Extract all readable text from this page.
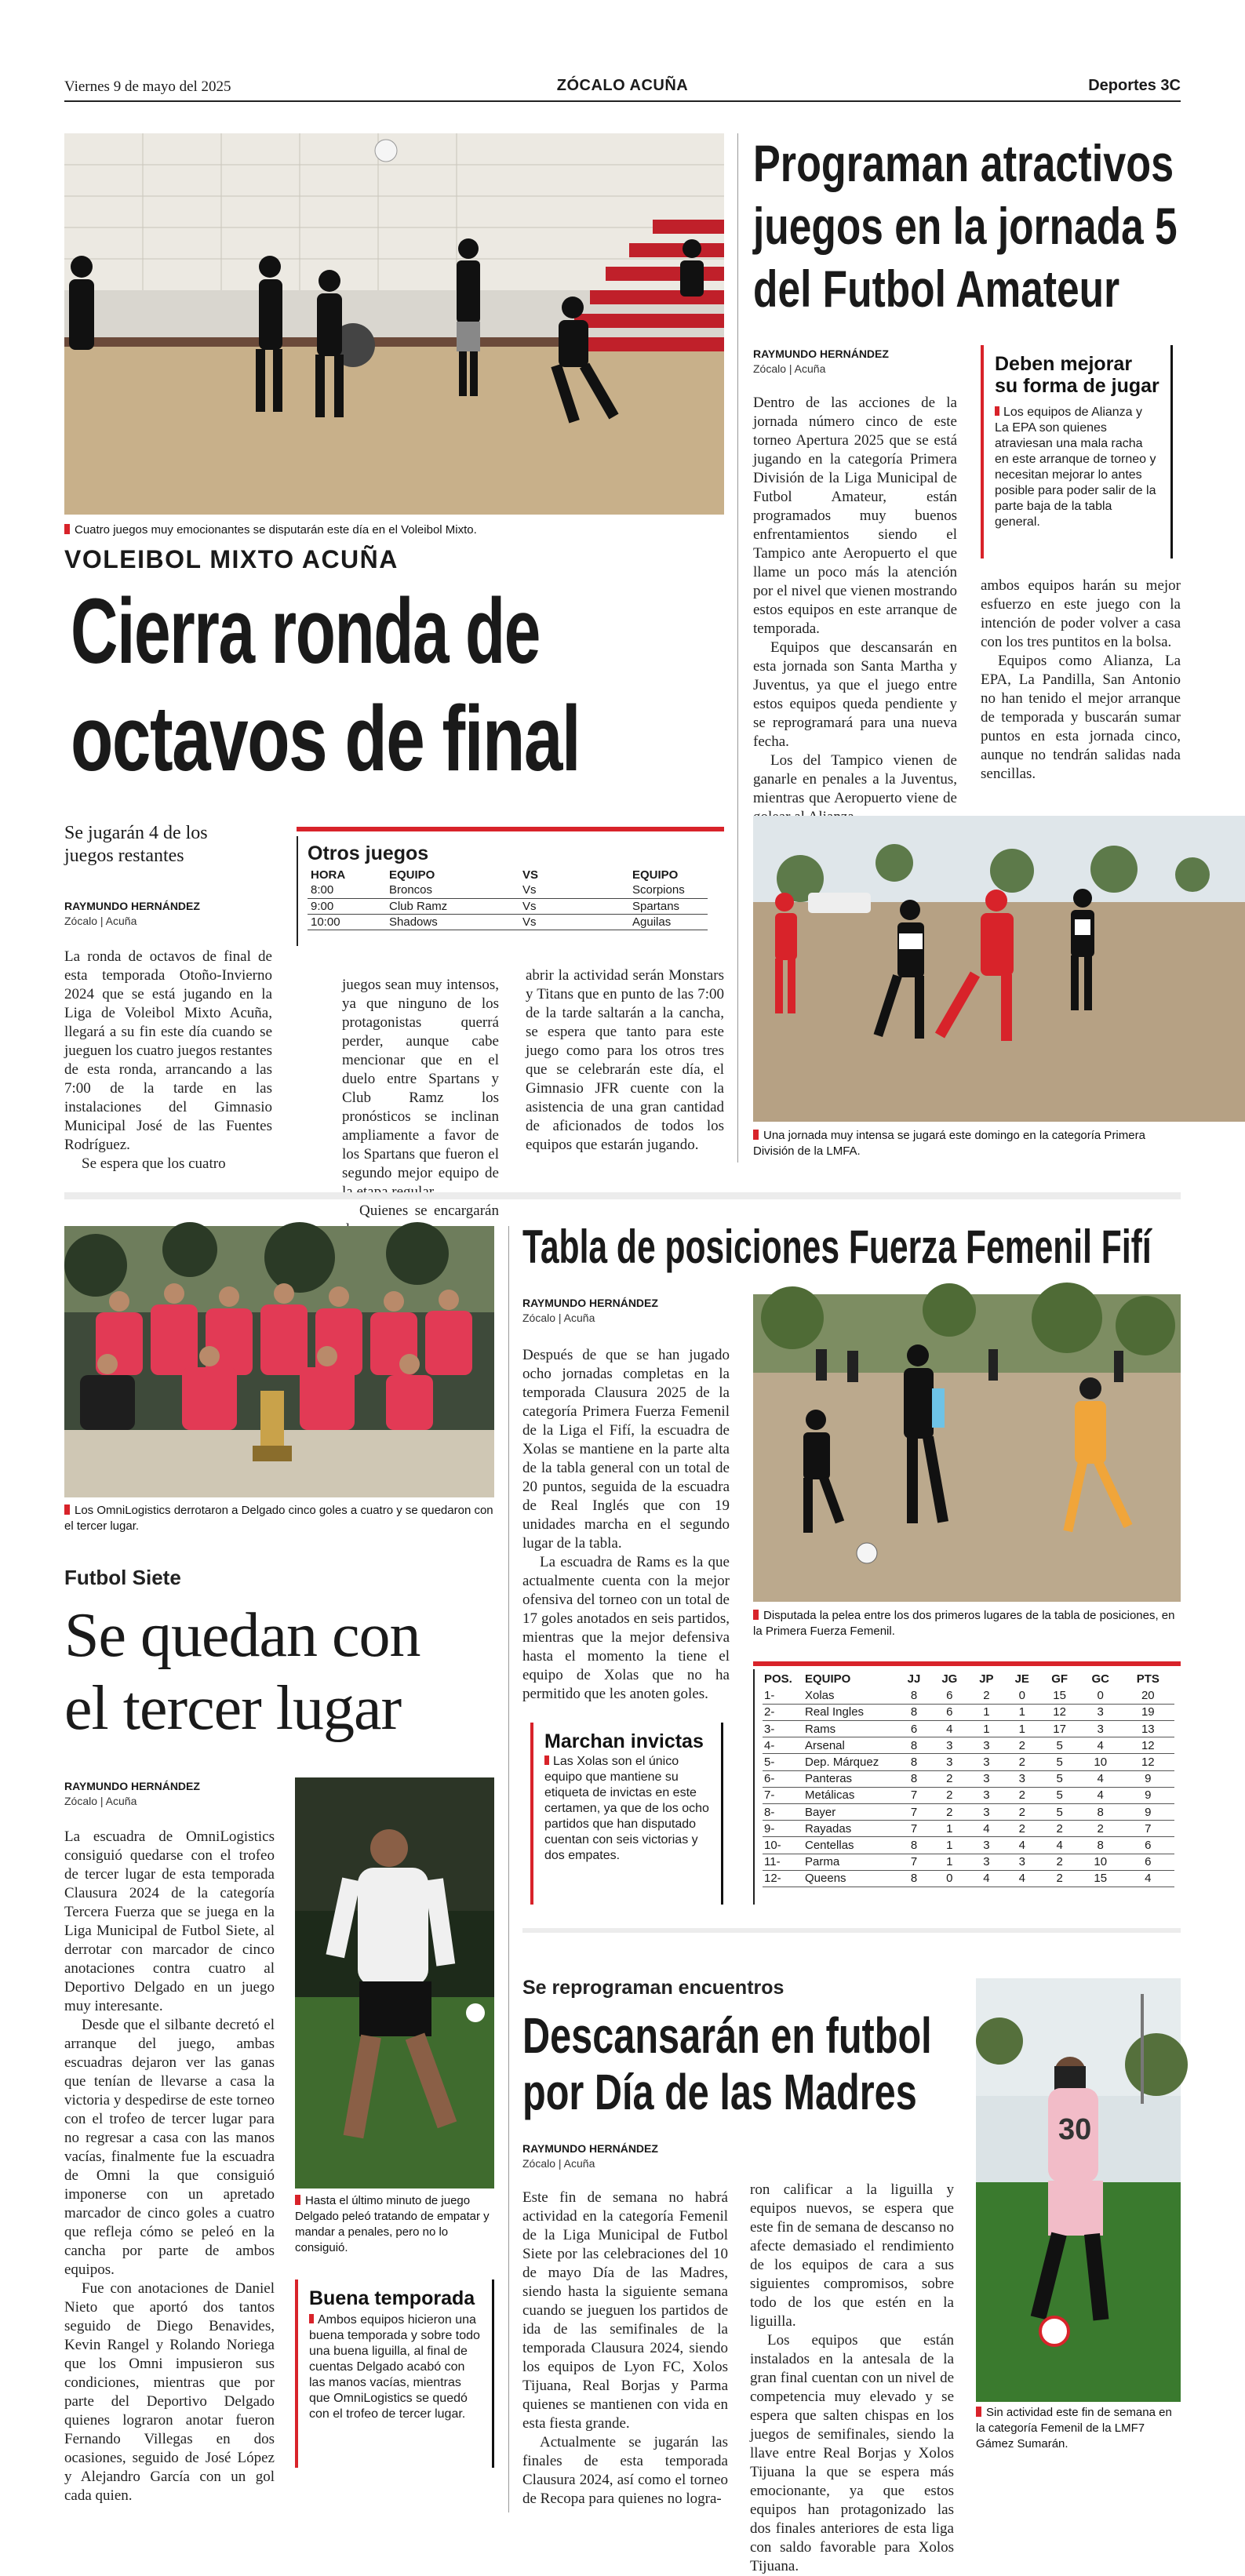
Viernes 9 de mayo del 2025	ZÓCALO ACUÑA	Deportes 3C
Cuatro juegos muy emocionantes se disputarán este día en el Voleibol Mixto.
VOLEIBOL MIXTO ACUÑA
Cierra ronda de
octavos de final
Se jugarán 4 de los juegos restantes	Otros juegos
HORA	EQUIPO	VS	EQUIPO
8:00	Broncos	Vs	Scorpions
9:00	Club Ramz	Vs	Spartans
10:00	Shadows	Vs	Aguilas
RAYMUNDO HERNÁNDEZ
Zócalo | Acuña

La ronda de octavos de final de esta temporada Otoño-Invierno 2024 que se está jugando en la Liga de Voleibol Mixto Acuña, llegará a su fin este día cuando se jueguen los cuatro juegos restantes de esta ronda, arrancando a las 7:00 de la tarde en las instalaciones del Gimnasio Municipal José de las Fuentes Rodríguez.

Se espera que los cuatro

juegos sean muy intensos, ya que ninguno de los protagonistas querrá perder, aunque cabe mencionar que en el duelo entre Spartans y Club Ramz los pronósticos se inclinan ampliamente a favor de los Spartans que fueron el segundo mejor equipo de

Quienes se encargarán

abrir la actividad serán Monstars y Titans que en punto de las 7:00 de la tarde saltarán a la cancha, se espera que tanto para este juego como para los otros tres que se celebrarán este día, el Gimnasio JFR cuente con la asistencia de una gran cantidad de aficionados de todos los equipos que estarán jugando.

Programan atractivos
juegos en la jornada 5
del Futbol Amateur
RAYMUNDO HERNÁNDEZ
Zócalo | Acuña

Dentro de las acciones de la jornada número cinco de este torneo Apertura 2025 que se está jugando en la categoría Primera División de la Liga Municipal de Futbol Amateur, están programados muy buenos enfrentamientos siendo el Tampico ante Aeropuerto el que llame un poco más la atención por el nivel que vienen mostrando estos equipos en este arranque de temporada.

Equipos que descansarán en esta jornada son Santa Martha y Juventus, ya que el juego entre estos equipos queda pendiente y se reprogramará para una nueva fecha.

Los del Tampico vienen de ganarle en penales a la Juventus, mientras que Aeropuerto viene de

Deben mejorar su forma de jugar
Los equipos de Alianza y La EPA son quienes atraviesan una mala racha en este arranque de torneo y necesitan mejorar lo antes posible para poder salir de la parte baja de la tabla general.

ambos equipos harán su mejor esfuerzo en este juego con la intención de poder volver a casa con los tres puntitos en la bolsa.

Equipos como Alianza, La EPA, La Pandilla, San Antonio no han tenido el mejor arranque de temporada y buscarán sumar puntos en esta jornada cinco, aunque no tendrán salidas nada sencillas.

Una jornada muy intensa se jugará este domingo en la categoría Primera División de la LMFA.
Los OmniLogistics derrotaron a Delgado cinco goles a cuatro y se quedaron con el tercer lugar.
Futbol Siete
Se quedan con
el tercer lugar
RAYMUNDO HERNÁNDEZ
Zócalo | Acuña

La escuadra de OmniLogistics consiguió quedarse con el trofeo de tercer lugar de esta temporada Clausura 2024 de la categoría Tercera Fuerza que se juega en la Liga Municipal de Futbol Siete, al derrotar con marcador de cinco anotaciones contra cuatro al Deportivo Delgado en un juego muy interesante.

Desde que el silbante decretó el arranque del juego, ambas escuadras dejaron ver las ganas que tenían de llevarse a casa la victoria y despedirse de este torneo con el trofeo de tercer lugar para no regresar a casa con las manos vacías, finalmente fue la escuadra de Omni la que consiguió imponerse con un apretado marcador de cinco goles a cuatro que refleja cómo se peleó en la cancha por parte de ambos equipos.

Fue con anotaciones de Daniel Nieto que aportó dos tantos seguido de Diego Benavides, Kevin Rangel y Rolando Noriega que los Omni impusieron sus condiciones, mientras que por parte del Deportivo Delgado quienes lograron anotar fueron Fernando Villegas en dos ocasiones, seguido de José López y Alejandro García con un gol cada quien.

Hasta el último minuto de juego Delgado peleó tratando de empatar y mandar a penales, pero no lo consiguió.
Buena temporada
Ambos equipos hicieron una buena temporada y sobre todo una buena liguilla, al final de cuentas Delgado acabó con las manos vacías, mientras que OmniLogistics se quedó con el trofeo de tercer lugar.
Tabla de posiciones Fuerza Femenil Fifí
RAYMUNDO HERNÁNDEZ
Zócalo | Acuña

Después de que se han jugado ocho jornadas completas en la temporada Clausura 2025 de la categoría Primera Fuerza Femenil de la Liga el Fifí, la escuadra de Xolas se mantiene en la parte alta de la tabla general con un total de 20 puntos, seguida de la escuadra de Real Inglés que con 19 unidades marcha en el segundo lugar de la tabla.

La escuadra de Rams es la que actualmente cuenta con la mejor ofensiva del torneo con un total de 17 goles anotados en seis partidos, mientras que la mejor defensiva hasta el momento la tiene el equipo de Xolas que no ha permitido que les anoten goles.

Disputada la pelea entre los dos primeros lugares de la tabla de posiciones, en la Primera Fuerza Femenil.
Marchan invictas
Las Xolas son el único equipo que mantiene su etiqueta de invictas en este certamen, ya que de los ocho partidos que han disputado cuentan con seis victorias y dos empates.
POS.	EQUIPO	JJ	JG	JP	JE	GF	GC	PTS
1-	Xolas	8	6	2	0	15	0	20
2-	Real Ingles	8	6	1	1	12	3	19
3-	Rams	6	4	1	1	17	3	13
4-	Arsenal	8	3	3	2	5	4	12
5-	Dep. Márquez	8	3	3	2	5	10	12
6-	Panteras	8	2	3	3	5	4	9
7-	Metálicas	7	2	3	2	5	4	9
8-	Bayer	7	2	3	2	5	8	9
9-	Rayadas	7	1	4	2	2	2	7
10-	Centellas	8	1	3	4	4	8	6
11-	Parma	7	1	3	3	2	10	6
12-	Queens	8	0	4	4	2	15	4
Se reprograman encuentros
Descansarán en futbol
por Día de las Madres
RAYMUNDO HERNÁNDEZ
Zócalo | Acuña

Este fin de semana no habrá actividad en la categoría Femenil de la Liga Municipal de Futbol Siete por las celebraciones del 10 de mayo Día de las Madres, siendo hasta la siguiente semana cuando se jueguen los partidos de ida de las semifinales de la temporada Clausura 2024, siendo los equipos de Lyon FC, Xolos Tijuana, Real Borjas y Parma quienes se mantienen con vida en esta fiesta grande.

Actualmente se jugarán las finales de esta temporada Clausura 2024, así como el torneo de Recopa para quienes no logra-

ron calificar a la liguilla y equipos nuevos, se espera que este fin de semana de descanso no afecte demasiado el rendimiento de los equipos de cara a sus siguientes compromisos, sobre todo de los que estén en la liguilla.

Los equipos que están instalados en la antesala de la gran final cuentan con un nivel de competencia muy elevado y se espera que salten chispas en los juegos de semifinales, siendo la llave entre Real Borjas y Xolos Tijuana la que se espera más emocionante, ya que estos equipos han protagonizado las dos finales anteriores de esta liga con saldo favorable para Xolos Tijuana.

30
Sin actividad este fin de semana en la categoría Femenil de la LMF7 Gámez Sumarán.
